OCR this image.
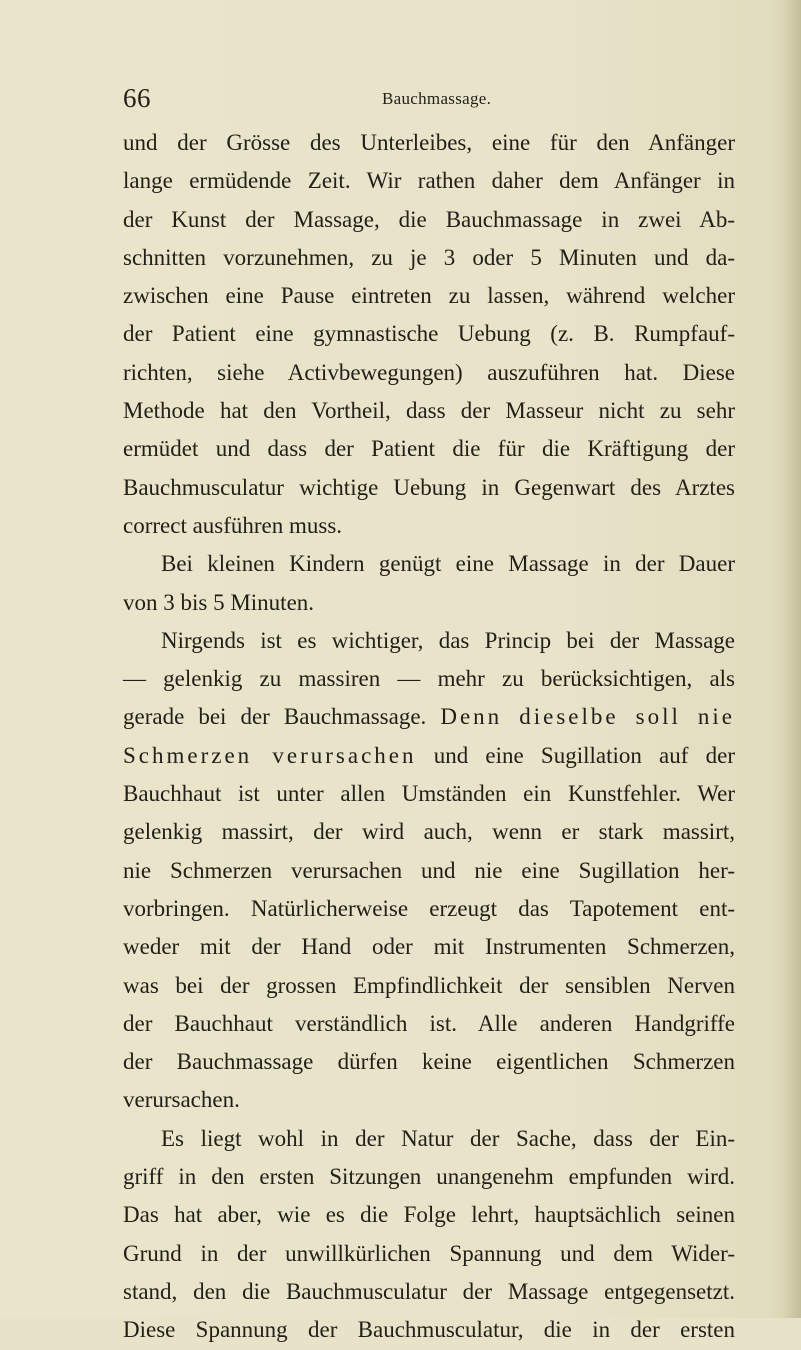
66	Bauchmassage.
und der Grösse des Unterleibes, eine für den Anfänger
lange ermüdende Zeit. Wir rathen daher dem Anfänger in
der Kunst der Massage, die Bauchmassage in zwei Ab-
schnitten vorzunehmen, zu je 3 oder 5 Minuten und da-
zwischen eine Pause eintreten zu lassen, während welcher
der Patient eine gymnastische Uebung (z. B. Rumpfauf-
richten, siehe Activbewegungen) auszuführen hat. Diese
Methode hat den Vortheil, dass der Masseur nicht zu sehr
ermüdet und dass der Patient die für die Kräftigung der
Bauchmusculatur wichtige Uebung in Gegenwart des Arztes
correct ausführen muss.
Bei kleinen Kindern genügt eine Massage in der Dauer
von 3 bis 5 Minuten.
Nirgends ist es wichtiger, das Princip bei der Massage
— gelenkig zu massiren — mehr zu berücksichtigen, als
gerade bei der Bauchmassage. Denn dieselbe soll nie
Schmerzen verursachen und eine Sugillation auf der
Bauchhaut ist unter allen Umständen ein Kunstfehler. Wer
gelenkig massirt, der wird auch, wenn er stark massirt,
nie Schmerzen verursachen und nie eine Sugillation her-
vorbringen. Natürlicherweise erzeugt das Tapotement ent-
weder mit der Hand oder mit Instrumenten Schmerzen,
was bei der grossen Empfindlichkeit der sensiblen Nerven
der Bauchhaut verständlich ist. Alle anderen Handgriffe
der Bauchmassage dürfen keine eigentlichen Schmerzen
verursachen.
Es liegt wohl in der Natur der Sache, dass der Ein-
griff in den ersten Sitzungen unangenehm empfunden wird.
Das hat aber, wie es die Folge lehrt, hauptsächlich seinen
Grund in der unwillkürlichen Spannung und dem Wider-
stand, den die Bauchmusculatur der Massage entgegensetzt.
Diese Spannung der Bauchmusculatur, die in der ersten
